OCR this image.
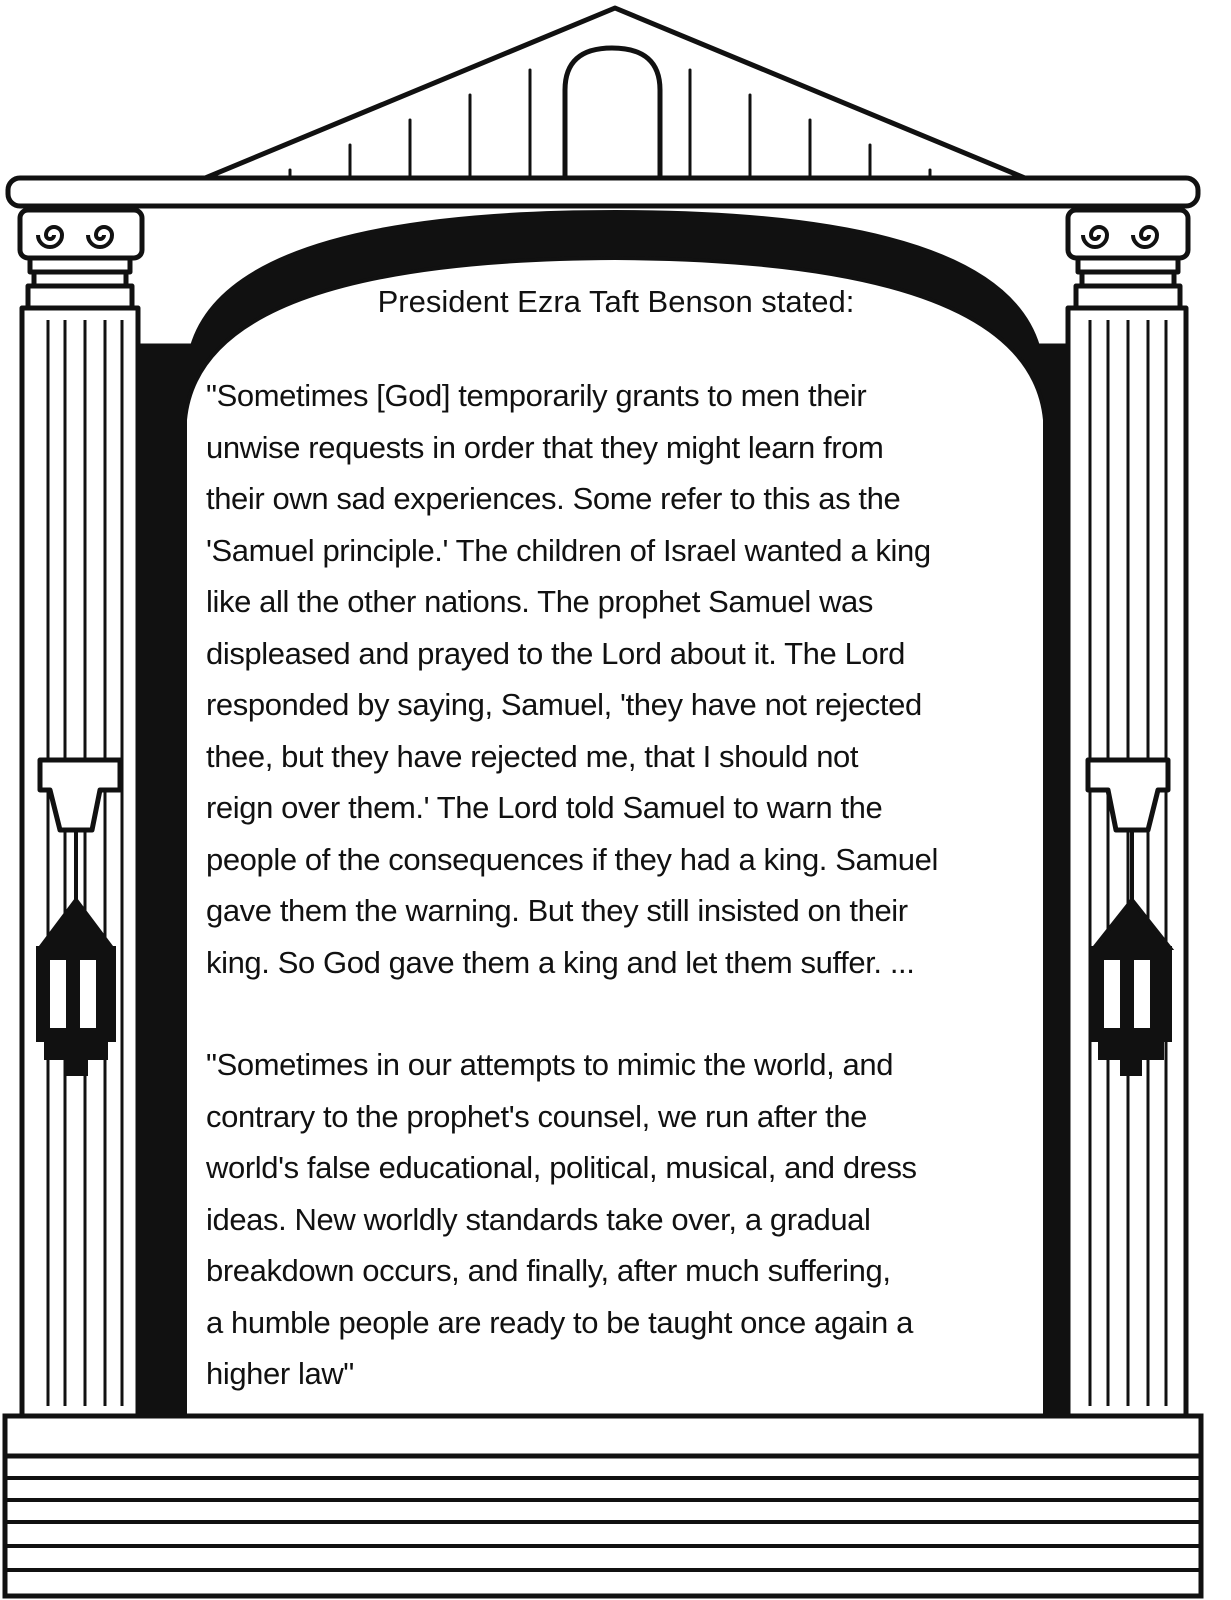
President Ezra Taft Benson stated:

"Sometimes [God] temporarily grants to men their
unwise requests in order that they might learn from
their own sad experiences. Some refer to this as the
'Samuel principle.' The children of Israel wanted a king
like all the other nations. The prophet Samuel was
displeased and prayed to the Lord about it. The Lord
responded by saying, Samuel, 'they have not rejected
thee, but they have rejected me, that I should not
reign over them.' The Lord told Samuel to warn the
people of the consequences if they had a king. Samuel
gave them the warning. But they still insisted on their
king. So God gave them a king and let them suffer. ...

"Sometimes in our attempts to mimic the world, and
contrary to the prophet's counsel, we run after the
world's false educational, political, musical, and dress
ideas. New worldly standards take over, a gradual
breakdown occurs, and finally, after much suffering,
a humble people are ready to be taught once again a
higher law"
